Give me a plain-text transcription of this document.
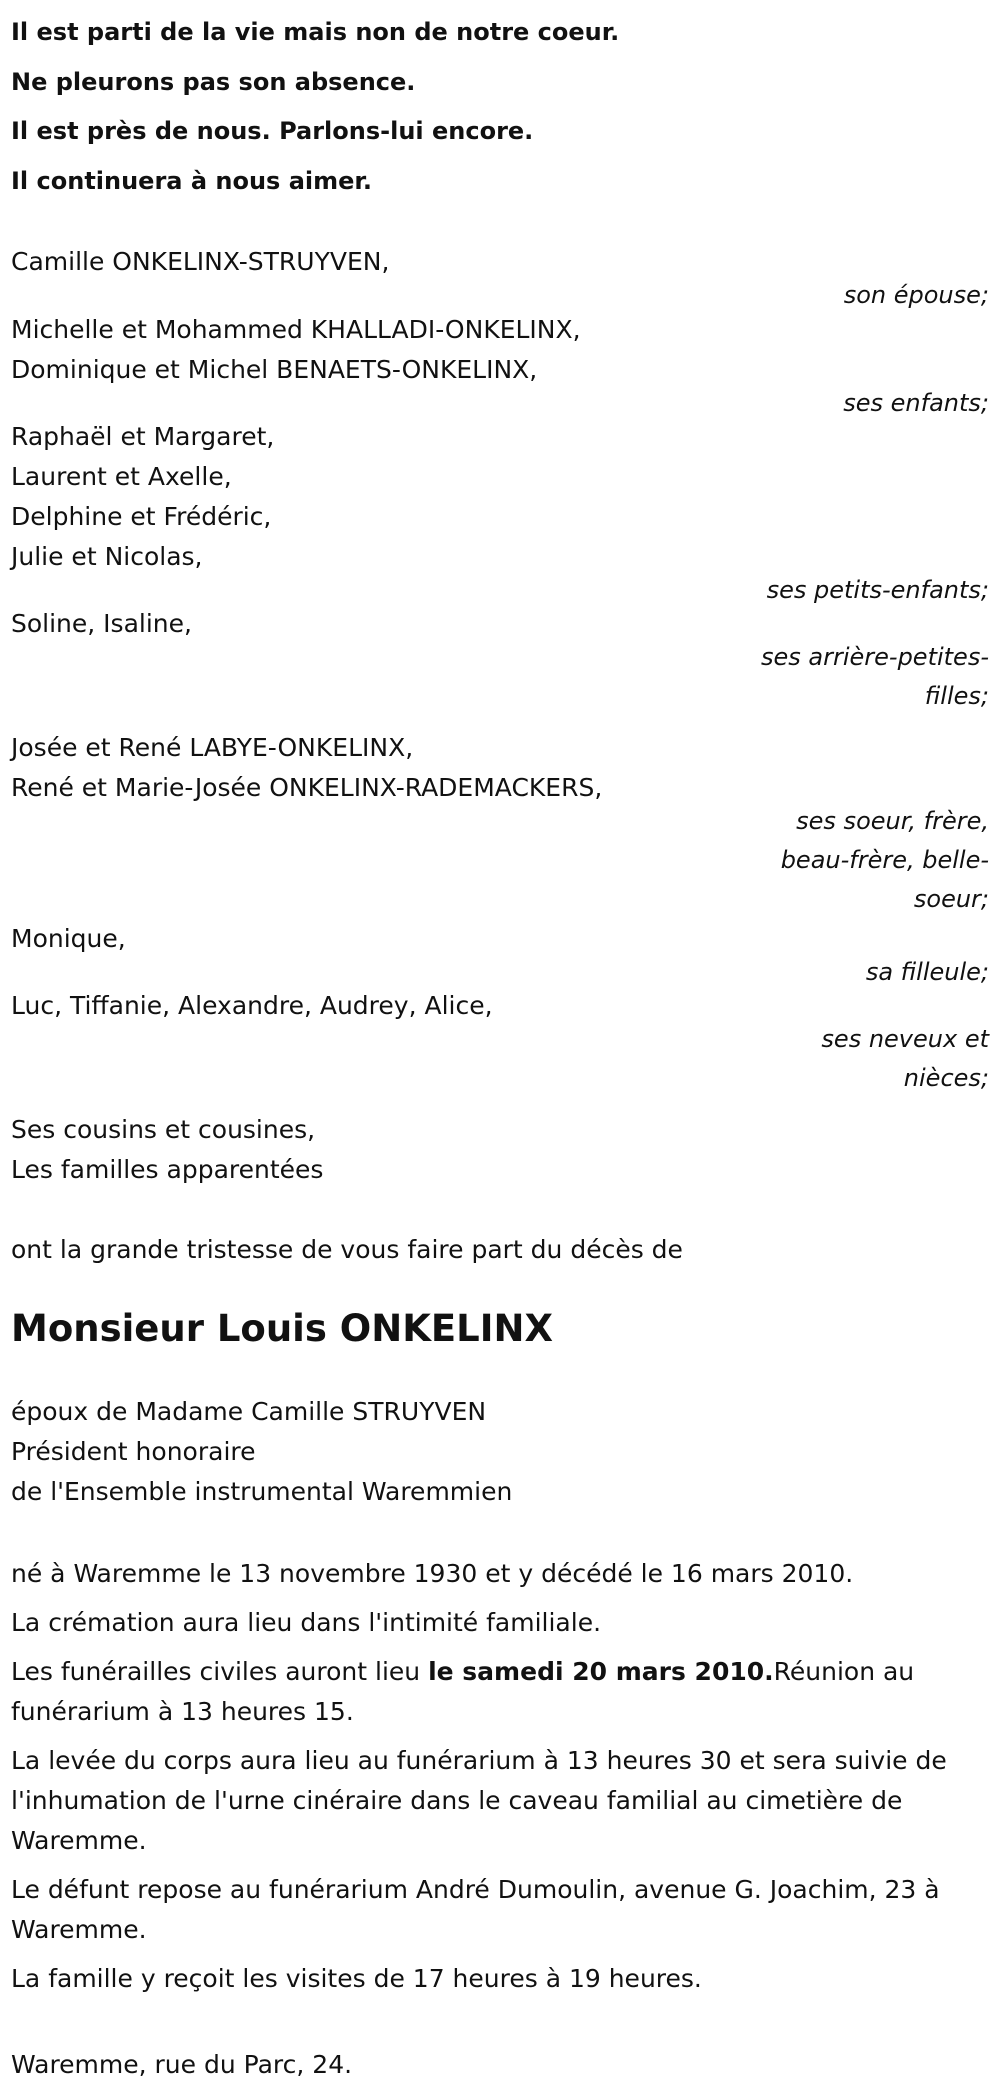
Il est parti de la vie mais non de notre coeur.
Ne pleurons pas son absence.
Il est près de nous. Parlons-lui encore.
Il continuera à nous aimer.
Camille ONKELINX-STRUYVEN,
son épouse;
Michelle et Mohammed KHALLADI-ONKELINX,
Dominique et Michel BENAETS-ONKELINX,
ses enfants;
Raphaël et Margaret,
Laurent et Axelle,
Delphine et Frédéric,
Julie et Nicolas,
ses petits-enfants;
Soline, Isaline,
ses arrière-petites-
filles;
Josée et René LABYE-ONKELINX,
René et Marie-Josée ONKELINX-RADEMACKERS,
ses soeur, frère,
beau-frère, belle-
soeur;
Monique,
sa filleule;
Luc, Tiffanie, Alexandre, Audrey, Alice,
ses neveux et
nièces;
Ses cousins et cousines,
Les familles apparentées
ont la grande tristesse de vous faire part du décès de
Monsieur Louis ONKELINX
époux de Madame Camille STRUYVEN
Président honoraire
de l'Ensemble instrumental Waremmien
né à Waremme le 13 novembre 1930 et y décédé le 16 mars 2010.
La crémation aura lieu dans l'intimité familiale.
Les funérailles civiles auront lieu le samedi 20 mars 2010.Réunion au funérarium à 13 heures 15.
La levée du corps aura lieu au funérarium à 13 heures 30 et sera suivie de l'inhumation de l'urne cinéraire dans le caveau familial au cimetière de Waremme.
Le défunt repose au funérarium André Dumoulin, avenue G. Joachim, 23 à Waremme.
La famille y reçoit les visites de 17 heures à 19 heures.
Waremme, rue du Parc, 24.
